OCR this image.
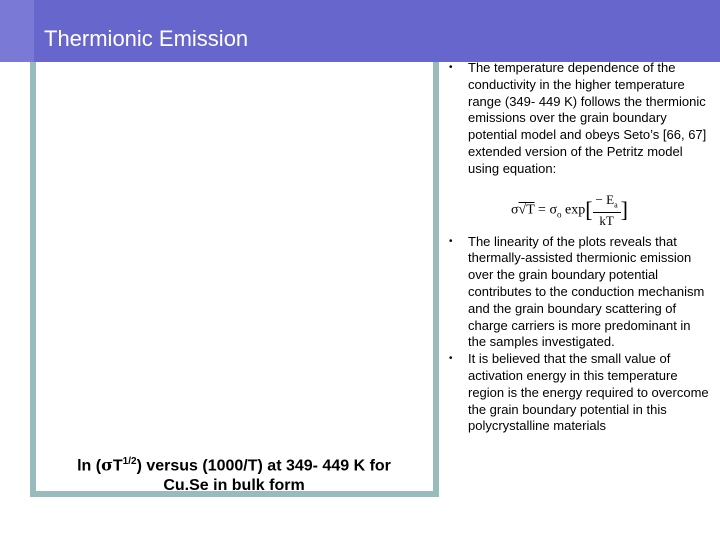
Thermionic Emission
• The temperature dependence of the conductivity in the higher temperature range (349- 449 K) follows the thermionic emissions over the grain boundary potential model and obeys Seto’s [66, 67] extended version of the Petritz model using equation:
$\sigma√T = \sigma_o$ $\exp[ \frac{- E_a}{kT}$ ]
• The linearity of the plots reveals that thermally-assisted thermionic emission over the grain boundary potential contributes to the conduction mechanism and the grain boundary scattering of charge carriers is more predominant in the samples investigated.
• It is believed that the small value of activation energy in this temperature region is the energy required to overcome the grain boundary potential in this polycrystalline materials
$\ln (\sigma T^{1/2})$ versus (1000/T) at 349- 449 K for
Cu.Se in bulk form
